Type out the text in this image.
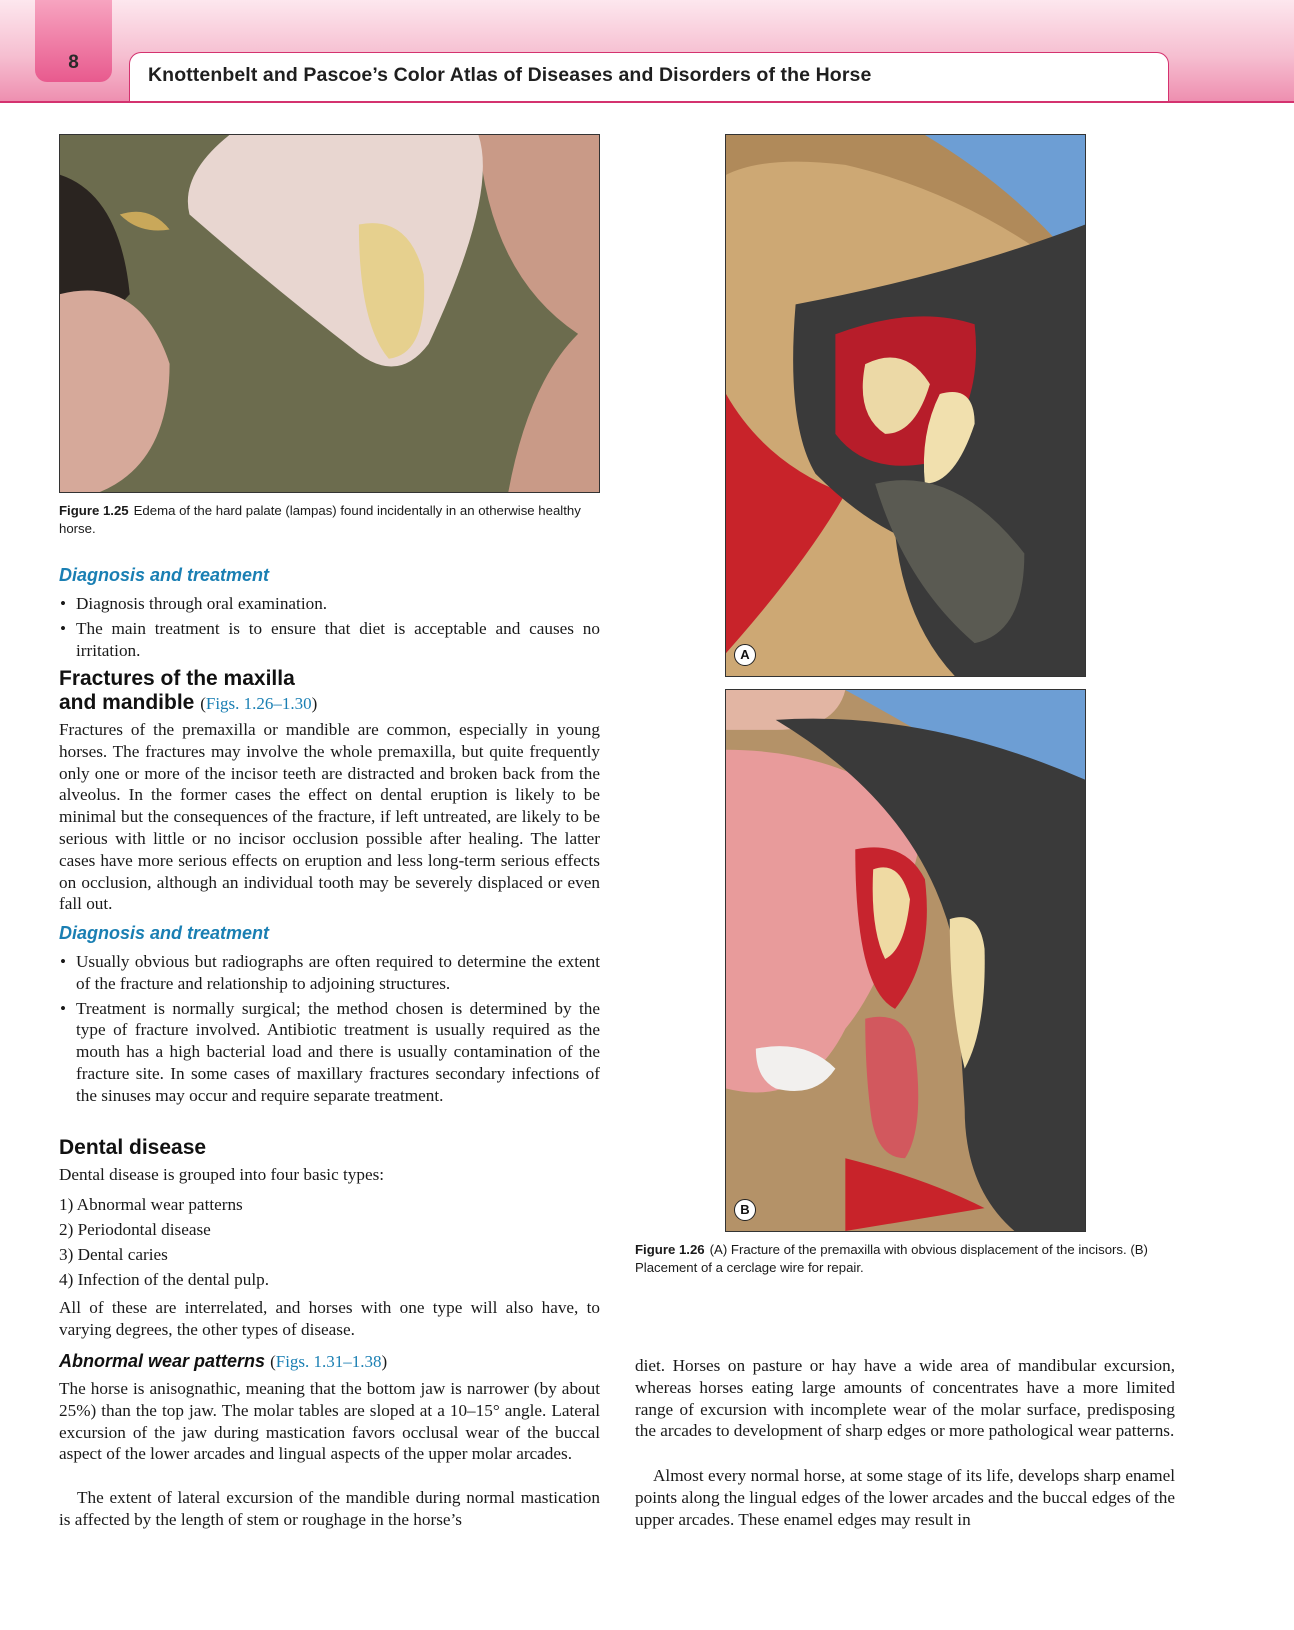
8
Knottenbelt and Pascoe’s Color Atlas of Diseases and Disorders of the Horse
Figure 1.25 Edema of the hard palate (lampas) found incidentally in an otherwise healthy horse.
A
B
Figure 1.26 (A) Fracture of the premaxilla with obvious displacement of the incisors. (B) Placement of a cerclage wire for repair.
Diagnosis and treatment
• Diagnosis through oral examination.
• The main treatment is to ensure that diet is acceptable and causes no irritation.
Fractures of the maxilla
and mandible (Figs. 1.26–1.30)
Fractures of the premaxilla or mandible are common, especially in young horses. The fractures may involve the whole premaxilla, but quite frequently only one or more of the incisor teeth are distracted and broken back from the alveolus. In the former cases the effect on dental eruption is likely to be minimal but the consequences of the fracture, if left untreated, are likely to be serious with little or no incisor occlusion possible after healing. The latter cases have more serious effects on eruption and less long-term serious effects on occlusion, although an individual tooth may be severely displaced or even fall out.
Diagnosis and treatment
• Usually obvious but radiographs are often required to determine the extent of the fracture and relationship to adjoining structures.
• Treatment is normally surgical; the method chosen is determined by the type of fracture involved. Antibiotic treatment is usually required as the mouth has a high bacterial load and there is usually contamination of the fracture site. In some cases of maxillary fractures secondary infections of the sinuses may occur and require separate treatment.
Dental disease
Dental disease is grouped into four basic types:
1) Abnormal wear patterns
2) Periodontal disease
3) Dental caries
4) Infection of the dental pulp.
All of these are interrelated, and horses with one type will also have, to varying degrees, the other types of disease.
Abnormal wear patterns (Figs. 1.31–1.38)
The horse is anisognathic, meaning that the bottom jaw is narrower (by about 25%) than the top jaw. The molar tables are sloped at a 10–15° angle. Lateral excursion of the jaw during mastication favors occlusal wear of the buccal aspect of the lower arcades and lingual aspects of the upper molar arcades.
The extent of lateral excursion of the mandible during normal mastication is affected by the length of stem or roughage in the horse’s
diet. Horses on pasture or hay have a wide area of mandibular excursion, whereas horses eating large amounts of concentrates have a more limited range of excursion with incomplete wear of the molar surface, predisposing the arcades to development of sharp edges or more pathological wear patterns.
Almost every normal horse, at some stage of its life, develops sharp enamel points along the lingual edges of the lower arcades and the buccal edges of the upper arcades. These enamel edges may result in
